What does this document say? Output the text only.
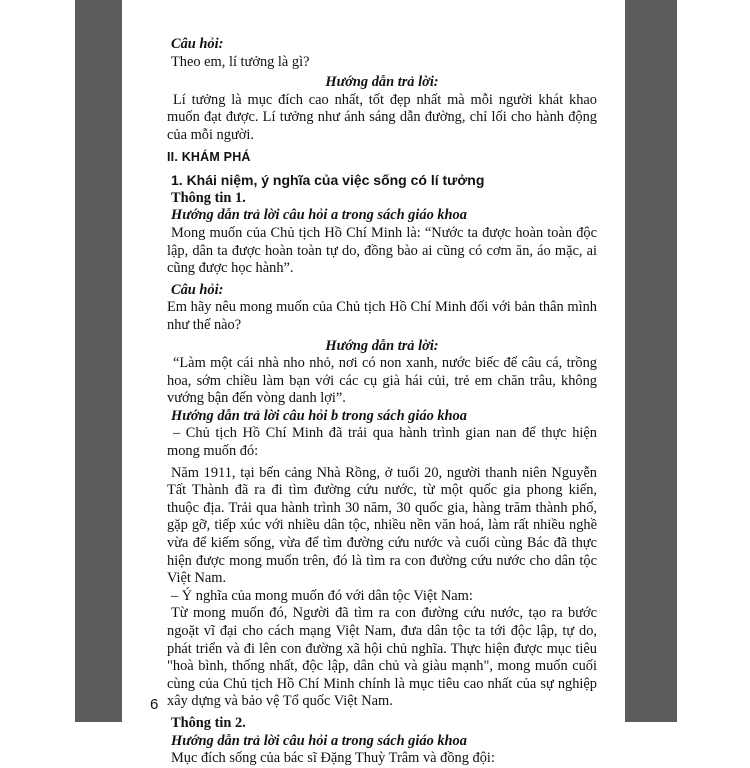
Câu hỏi:

Theo em, lí tưởng là gì?

Hướng dẫn trả lời:

Lí tưởng là mục đích cao nhất, tốt đẹp nhất mà mỗi người khát khao muốn đạt được. Lí tưởng như ánh sáng dẫn đường, chỉ lối cho hành động của mỗi người.

II. KHÁM PHÁ

1. Khái niệm, ý nghĩa của việc sống có lí tưởng

Thông tin 1.

Hướng dẫn trả lời câu hỏi a trong sách giáo khoa

Mong muốn của Chủ tịch Hồ Chí Minh là: “Nước ta được hoàn toàn độc lập, dân ta được hoàn toàn tự do, đồng bào ai cũng có cơm ăn, áo mặc, ai cũng được học hành”.

Câu hỏi:

Em hãy nêu mong muốn của Chủ tịch Hồ Chí Minh đối với bản thân mình như thế nào?

Hướng dẫn trả lời:

“Làm một cái nhà nho nhỏ, nơi có non xanh, nước biếc để câu cá, trồng hoa, sớm chiều làm bạn với các cụ già hái củi, trẻ em chăn trâu, không vướng bận đến vòng danh lợi”.

Hướng dẫn trả lời câu hỏi b trong sách giáo khoa

– Chủ tịch Hồ Chí Minh đã trải qua hành trình gian nan để thực hiện mong muốn đó:

Năm 1911, tại bến cảng Nhà Rồng, ở tuổi 20, người thanh niên Nguyễn Tất Thành đã ra đi tìm đường cứu nước, từ một quốc gia phong kiến, thuộc địa. Trải qua hành trình 30 năm, 30 quốc gia, hàng trăm thành phố, gặp gỡ, tiếp xúc với nhiều dân tộc, nhiều nền văn hoá, làm rất nhiều nghề vừa để kiếm sống, vừa để tìm đường cứu nước và cuối cùng Bác đã thực hiện được mong muốn trên, đó là tìm ra con đường cứu nước cho dân tộc Việt Nam.

– Ý nghĩa của mong muốn đó với dân tộc Việt Nam:

Từ mong muốn đó, Người đã tìm ra con đường cứu nước, tạo ra bước ngoặt vĩ đại cho cách mạng Việt Nam, đưa dân tộc ta tới độc lập, tự do, phát triển và đi lên con đường xã hội chủ nghĩa. Thực hiện được mục tiêu "hoà bình, thống nhất, độc lập, dân chủ và giàu mạnh", mong muốn cuối cùng của Chủ tịch Hồ Chí Minh chính là mục tiêu cao nhất của sự nghiệp xây dựng và bảo vệ Tổ quốc Việt Nam.

Thông tin 2.

Hướng dẫn trả lời câu hỏi a trong sách giáo khoa

Mục đích sống của bác sĩ Đặng Thuỳ Trâm và đồng đội:

6
